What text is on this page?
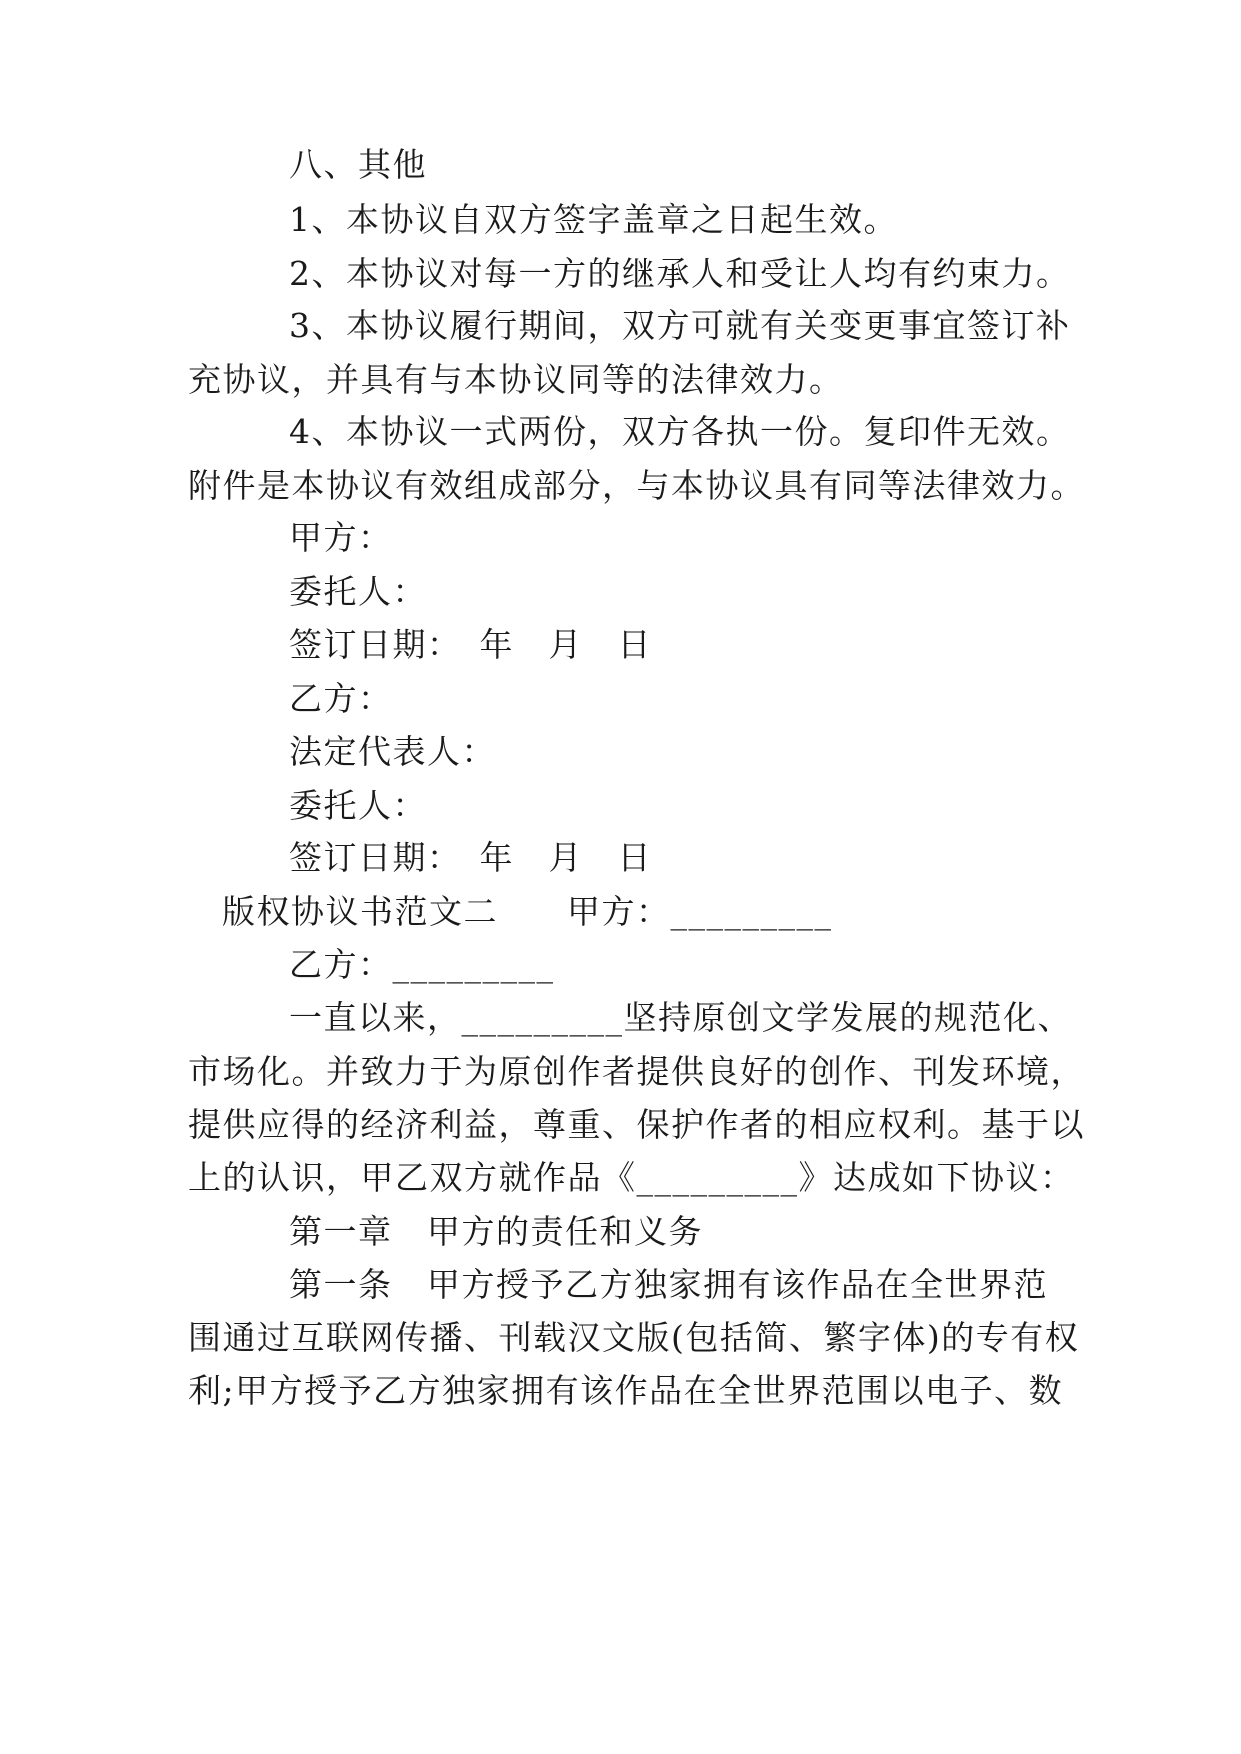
八、其他
1、本协议自双方签字盖章之日起生效。
2、本协议对每一方的继承人和受让人均有约束力。
3、本协议履行期间，双方可就有关变更事宜签订补
充协议，并具有与本协议同等的法律效力。
4、本协议一式两份，双方各执一份。复印件无效。
附件是本协议有效组成部分，与本协议具有同等法律效力。
甲方：
委托人：
签订日期：　年　月　日
乙方：
法定代表人：
委托人：
签订日期：　年　月　日
版权协议书范文二　　甲方：_________
乙方：_________
一直以来，_________坚持原创文学发展的规范化、
市场化。并致力于为原创作者提供良好的创作、刊发环境，
提供应得的经济利益，尊重、保护作者的相应权利。基于以
上的认识，甲乙双方就作品《_________》达成如下协议：
第一章　甲方的责任和义务
第一条　甲方授予乙方独家拥有该作品在全世界范
围通过互联网传播、刊载汉文版(包括简、繁字体)的专有权
利;甲方授予乙方独家拥有该作品在全世界范围以电子、数
